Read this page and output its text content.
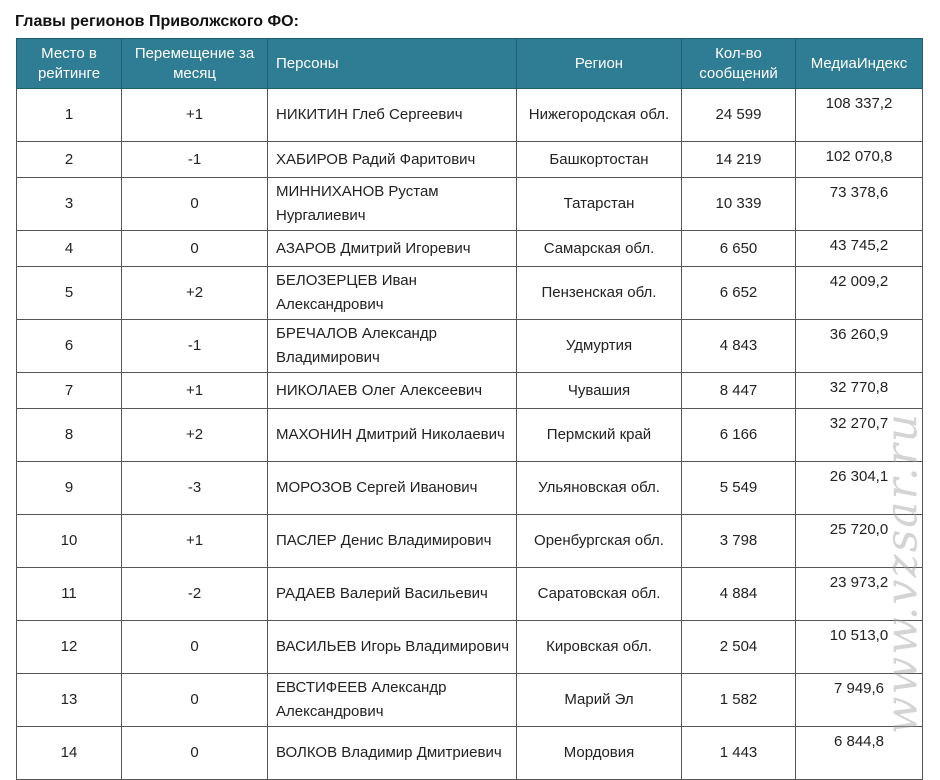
Главы регионов Приволжского ФО:
Место в рейтинге	Перемещение за месяц	Персоны	Регион	Кол-во сообщений	МедиаИндекс
1	+1	НИКИТИН Глеб Сергеевич	Нижегородская обл.	24 599	108 337,2
2	-1	ХАБИРОВ Радий Фаритович	Башкортостан	14 219	102 070,8
3	0	МИННИХАНОВ Рустам Нургалиевич	Татарстан	10 339	73 378,6
4	0	АЗАРОВ Дмитрий Игоревич	Самарская обл.	6 650	43 745,2
5	+2	БЕЛОЗЕРЦЕВ Иван Александрович	Пензенская обл.	6 652	42 009,2
6	-1	БРЕЧАЛОВ Александр Владимирович	Удмуртия	4 843	36 260,9
7	+1	НИКОЛАЕВ Олег Алексеевич	Чувашия	8 447	32 770,8
8	+2	МАХОНИН Дмитрий Николаевич	Пермский край	6 166	32 270,7
9	-3	МОРОЗОВ Сергей Иванович	Ульяновская обл.	5 549	26 304,1
10	+1	ПАСЛЕР Денис Владимирович	Оренбургская обл.	3 798	25 720,0
11	-2	РАДАЕВ Валерий Васильевич	Саратовская обл.	4 884	23 973,2
12	0	ВАСИЛЬЕВ Игорь Владимирович	Кировская обл.	2 504	10 513,0
13	0	ЕВСТИФЕЕВ Александр Александрович	Марий Эл	1 582	7 949,6
14	0	ВОЛКОВ Владимир Дмитриевич	Мордовия	1 443	6 844,8
www.vzsar.ru
